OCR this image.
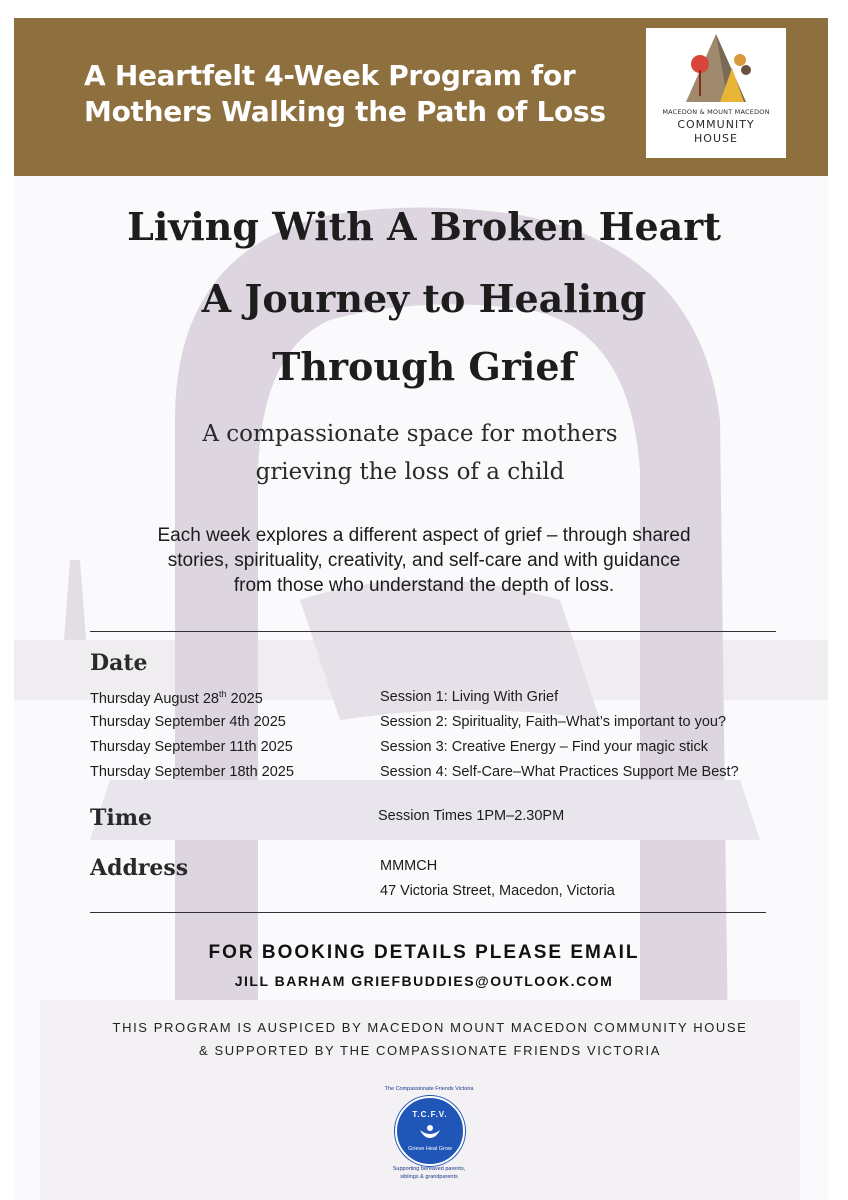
A Heartfelt 4-Week Program for
Mothers Walking the Path of Loss	MACEDON & MOUNT MACEDON
COMMUNITY
HOUSE
Living With A Broken Heart
A Journey to Healing
Through Grief
A compassionate space for mothers
grieving the loss of a child
Each week explores a different aspect of grief – through shared
stories, spirituality, creativity, and self-care and with guidance
from those who understand the depth of loss.
Date
Thursday August 28th 2025	Session 1: Living With Grief
Thursday September 4th 2025	Session 2: Spirituality, Faith–What’s important to you?
Thursday September 11th 2025	Session 3: Creative Energy – Find your magic stick
Thursday September 18th 2025	Session 4: Self-Care–What Practices Support Me Best?
Time	Session Times 1PM–2.30PM
Address	MMMCH
47 Victoria Street, Macedon, Victoria
FOR BOOKING DETAILS PLEASE EMAIL
JILL BARHAM GRIEFBUDDIES@OUTLOOK.COM
THIS PROGRAM IS AUSPICED BY MACEDON MOUNT MACEDON COMMUNITY HOUSE
& SUPPORTED BY THE COMPASSIONATE FRIENDS VICTORIA
The Compassionate Friends Victoria
T.C.F.V.
Grieve Heal Grow
Supporting bereaved parents,
siblings & grandparents
